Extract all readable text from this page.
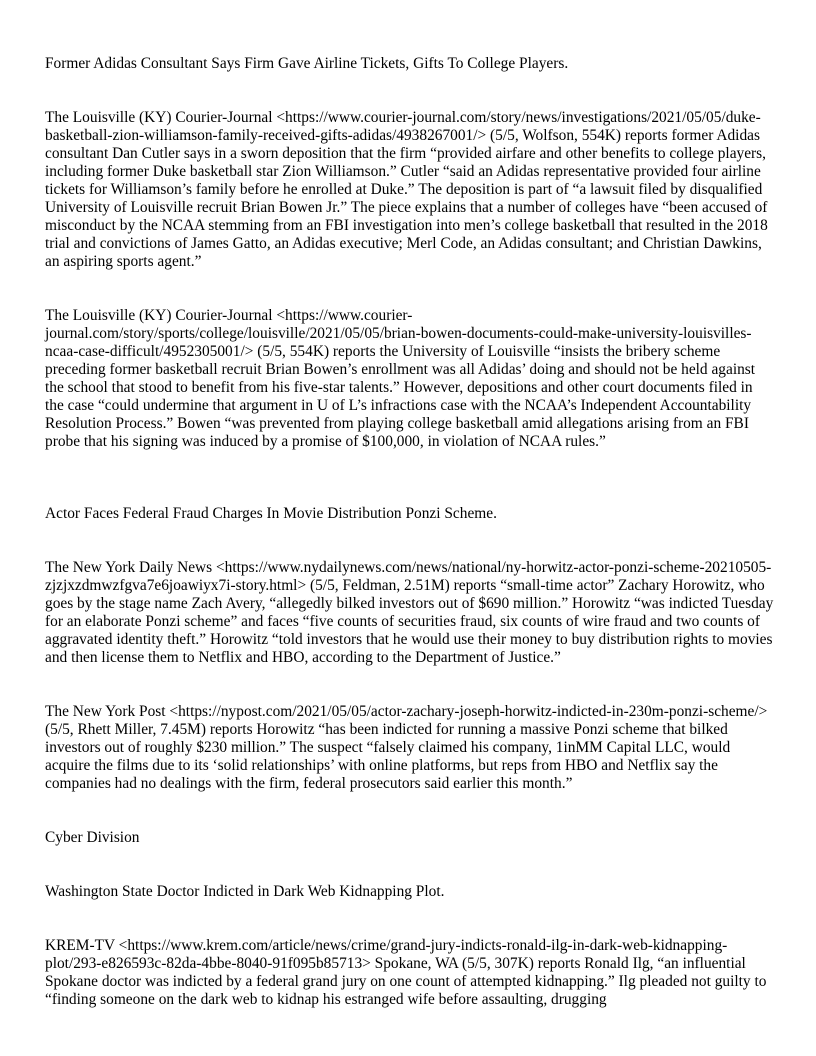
Former Adidas Consultant Says Firm Gave Airline Tickets, Gifts To College Players.

The Louisville (KY) Courier-Journal <https://www.courier-journal.com/story/news/investigations/2021/05/05/duke-basketball-zion-williamson-family-received-gifts-adidas/4938267001/> (5/5, Wolfson, 554K) reports former Adidas consultant Dan Cutler says in a sworn deposition that the firm “provided airfare and other benefits to college players, including former Duke basketball star Zion Williamson.” Cutler “said an Adidas representative provided four airline tickets for Williamson’s family before he enrolled at Duke.” The deposition is part of “a lawsuit filed by disqualified University of Louisville recruit Brian Bowen Jr.” The piece explains that a number of colleges have “been accused of misconduct by the NCAA stemming from an FBI investigation into men’s college basketball that resulted in the 2018 trial and convictions of James Gatto, an Adidas executive; Merl Code, an Adidas consultant; and Christian Dawkins, an aspiring sports agent.”

The Louisville (KY) Courier-Journal <https://www.courier-journal.com/story/sports/college/louisville/2021/05/05/brian-bowen-documents-could-make-university-louisvilles-ncaa-case-difficult/4952305001/> (5/5, 554K) reports the University of Louisville “insists the bribery scheme preceding former basketball recruit Brian Bowen’s enrollment was all Adidas’ doing and should not be held against the school that stood to benefit from his five-star talents.” However, depositions and other court documents filed in the case “could undermine that argument in U of L’s infractions case with the NCAA’s Independent Accountability Resolution Process.” Bowen “was prevented from playing college basketball amid allegations arising from an FBI probe that his signing was induced by a promise of $100,000, in violation of NCAA rules.”

Actor Faces Federal Fraud Charges In Movie Distribution Ponzi Scheme.

The New York Daily News <https://www.nydailynews.com/news/national/ny-horwitz-actor-ponzi-scheme-20210505-zjzjxzdmwzfgva7e6joawiyx7i-story.html> (5/5, Feldman, 2.51M) reports “small-time actor” Zachary Horowitz, who goes by the stage name Zach Avery, “allegedly bilked investors out of $690 million.” Horowitz “was indicted Tuesday for an elaborate Ponzi scheme” and faces “five counts of securities fraud, six counts of wire fraud and two counts of aggravated identity theft.” Horowitz “told investors that he would use their money to buy distribution rights to movies and then license them to Netflix and HBO, according to the Department of Justice.”

The New York Post <https://nypost.com/2021/05/05/actor-zachary-joseph-horwitz-indicted-in-230m-ponzi-scheme/> (5/5, Rhett Miller, 7.45M) reports Horowitz “has been indicted for running a massive Ponzi scheme that bilked investors out of roughly $230 million.” The suspect “falsely claimed his company, 1inMM Capital LLC, would acquire the films due to its ‘solid relationships’ with online platforms, but reps from HBO and Netflix say the companies had no dealings with the firm, federal prosecutors said earlier this month.”

Cyber Division

Washington State Doctor Indicted in Dark Web Kidnapping Plot.

KREM-TV <https://www.krem.com/article/news/crime/grand-jury-indicts-ronald-ilg-in-dark-web-kidnapping-plot/293-e826593c-82da-4bbe-8040-91f095b85713> Spokane, WA (5/5, 307K) reports Ronald Ilg, “an influential Spokane doctor was indicted by a federal grand jury on one count of attempted kidnapping.” Ilg pleaded not guilty to “finding someone on the dark web to kidnap his estranged wife before assaulting, drugging
